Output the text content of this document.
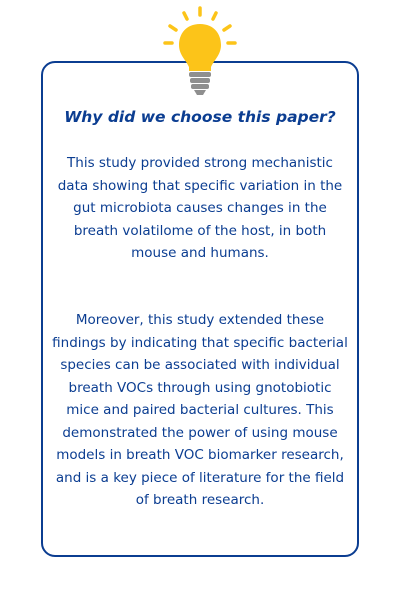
Why did we choose this paper?

This study provided strong mechanistic data showing that specific variation in the gut microbiota causes changes in the breath volatilome of the host, in both mouse and humans.

Moreover, this study extended these findings by indicating that specific bacterial species can be associated with individual breath VOCs through using gnotobiotic mice and paired bacterial cultures. This demonstrated the power of using mouse models in breath VOC biomarker research, and is a key piece of literature for the field of breath research.
